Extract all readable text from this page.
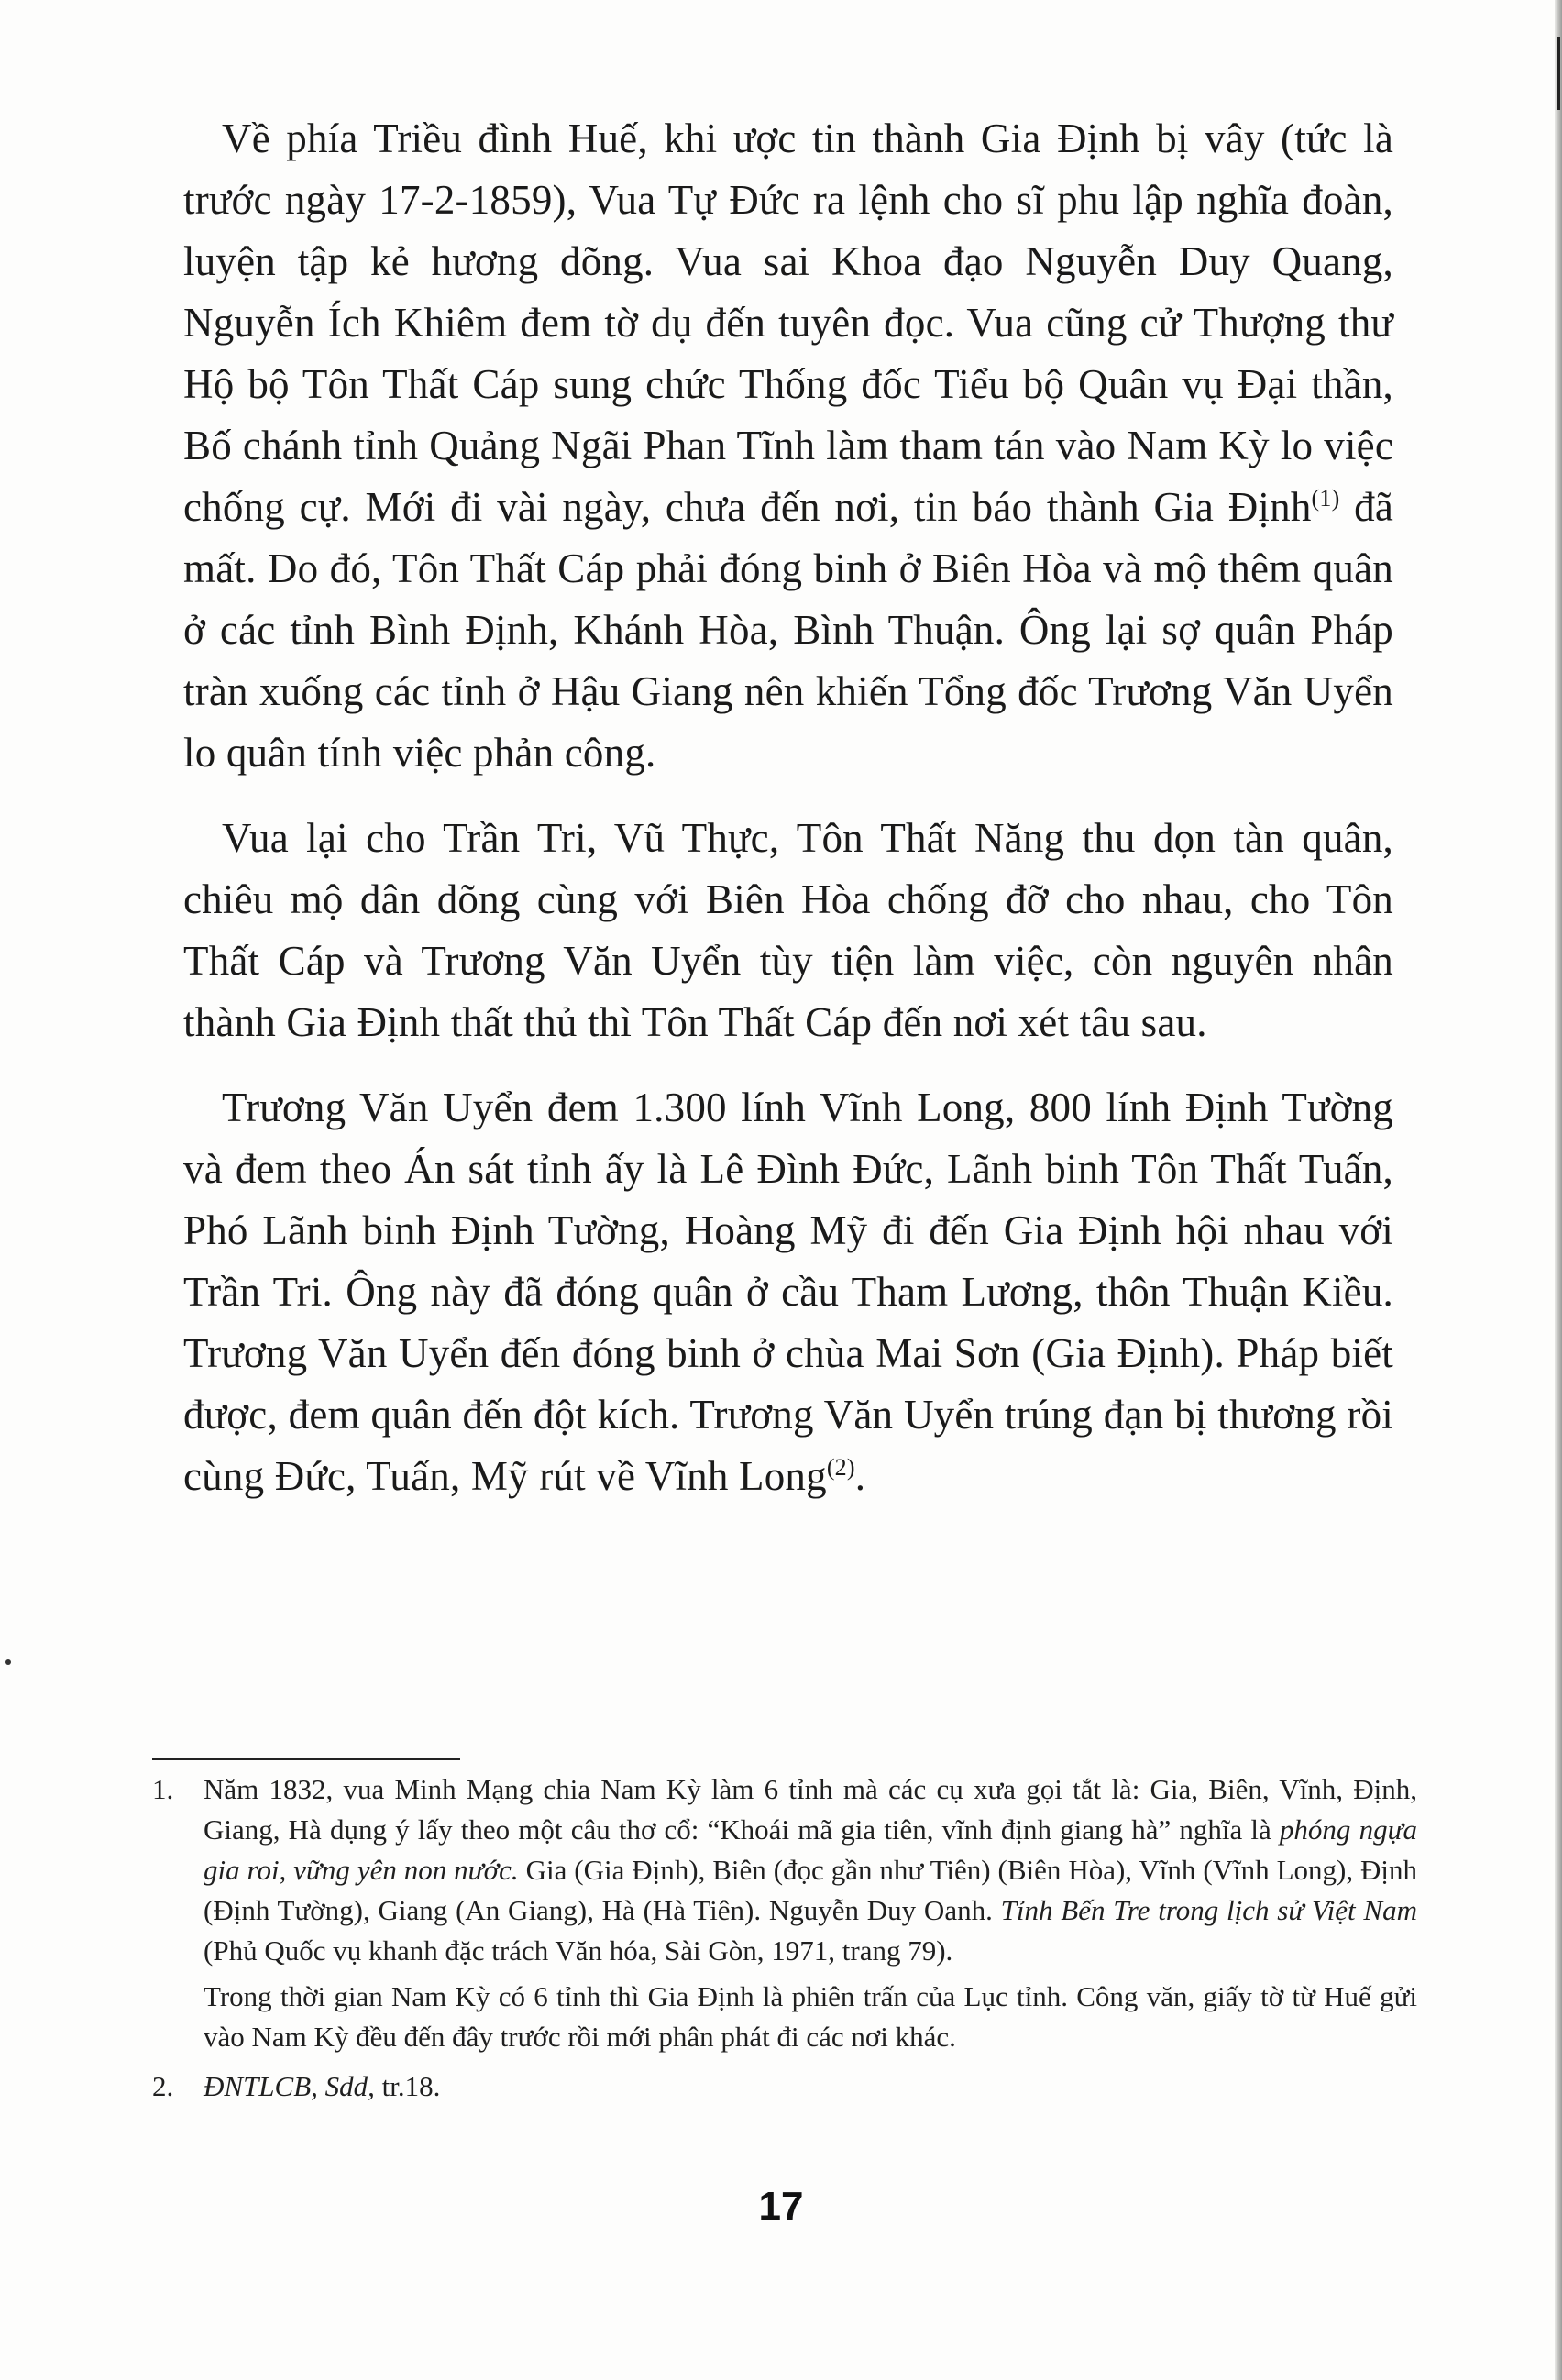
Về phía Triều đình Huế, khi ược tin thành Gia Định bị vây (tức là trước ngày 17-2-1859), Vua Tự Đức ra lệnh cho sĩ phu lập nghĩa đoàn, luyện tập kẻ hương dõng. Vua sai Khoa đạo Nguyễn Duy Quang, Nguyễn Ích Khiêm đem tờ dụ đến tuyên đọc. Vua cũng cử Thượng thư Hộ bộ Tôn Thất Cáp sung chức Thống đốc Tiểu bộ Quân vụ Đại thần, Bố chánh tỉnh Quảng Ngãi Phan Tĩnh làm tham tán vào Nam Kỳ lo việc chống cự. Mới đi vài ngày, chưa đến nơi, tin báo thành Gia Định$^{(1)}$ đã mất. Do đó, Tôn Thất Cáp phải đóng binh ở Biên Hòa và mộ thêm quân ở các tỉnh Bình Định, Khánh Hòa, Bình Thuận. Ông lại sợ quân Pháp tràn xuống các tỉnh ở Hậu Giang nên khiến Tổng đốc Trương Văn Uyển lo quân tính việc phản công.

Vua lại cho Trần Tri, Vũ Thực, Tôn Thất Năng thu dọn tàn quân, chiêu mộ dân dõng cùng với Biên Hòa chống đỡ cho nhau, cho Tôn Thất Cáp và Trương Văn Uyển tùy tiện làm việc, còn nguyên nhân thành Gia Định thất thủ thì Tôn Thất Cáp đến nơi xét tâu sau.

Trương Văn Uyển đem 1.300 lính Vĩnh Long, 800 lính Định Tường và đem theo Án sát tỉnh ấy là Lê Đình Đức, Lãnh binh Tôn Thất Tuấn, Phó Lãnh binh Định Tường, Hoàng Mỹ đi đến Gia Định hội nhau với Trần Tri. Ông này đã đóng quân ở cầu Tham Lương, thôn Thuận Kiều. Trương Văn Uyển đến đóng binh ở chùa Mai Sơn (Gia Định). Pháp biết được, đem quân đến đột kích. Trương Văn Uyển trúng đạn bị thương rồi cùng Đức, Tuấn, Mỹ rút về Vĩnh Long$^{(2)}$.

1.	Năm 1832, vua Minh Mạng chia Nam Kỳ làm 6 tỉnh mà các cụ xưa gọi tắt là: Gia, Biên, Vĩnh, Định, Giang, Hà dụng ý lấy theo một câu thơ cổ: “Khoái mã gia tiên, vĩnh định giang hà” nghĩa là phóng ngựa gia roi, vững yên non nước. Gia (Gia Định), Biên (đọc gần như Tiên) (Biên Hòa), Vĩnh (Vĩnh Long), Định (Định Tường), Giang (An Giang), Hà (Hà Tiên). Nguyễn Duy Oanh. Tỉnh Bến Tre trong lịch sử Việt Nam (Phủ Quốc vụ khanh đặc trách Văn hóa, Sài Gòn, 1971, trang 79).
Trong thời gian Nam Kỳ có 6 tỉnh thì Gia Định là phiên trấn của Lục tỉnh. Công văn, giấy tờ từ Huế gửi vào Nam Kỳ đều đến đây trước rồi mới phân phát đi các nơi khác.
2.	ĐNTLCB, Sdd, tr.18.
17
